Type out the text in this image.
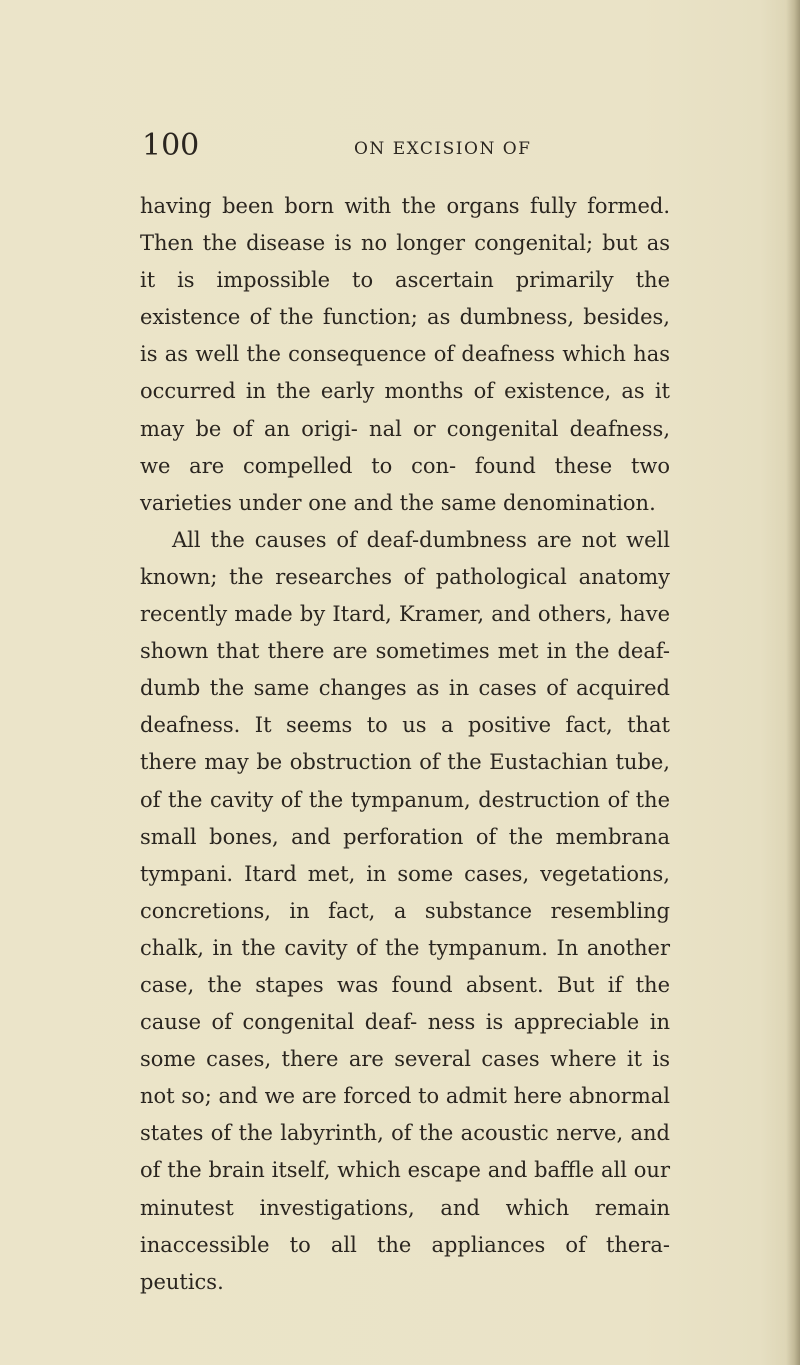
100	ON EXCISION OF

having been born with the organs fully formed. Then the disease is no longer congenital; but as it is impossible to ascertain primarily the existence of the function; as dumbness, besides, is as well the consequence of deafness which has occurred in the early months of existence, as it may be of an origi- nal or congenital deafness, we are compelled to con- found these two varieties under one and the same denomination.

All the causes of deaf-dumbness are not well known; the researches of pathological anatomy recently made by Itard, Kramer, and others, have shown that there are sometimes met in the deaf- dumb the same changes as in cases of acquired deafness. It seems to us a positive fact, that there may be obstruction of the Eustachian tube, of the cavity of the tympanum, destruction of the small bones, and perforation of the membrana tympani. Itard met, in some cases, vegetations, concretions, in fact, a substance resembling chalk, in the cavity of the tympanum. In another case, the stapes was found absent. But if the cause of congenital deaf- ness is appreciable in some cases, there are several cases where it is not so; and we are forced to admit here abnormal states of the labyrinth, of the acoustic nerve, and of the brain itself, which escape and baffle all our minutest investigations, and which remain inaccessible to all the appliances of thera- peutics.
